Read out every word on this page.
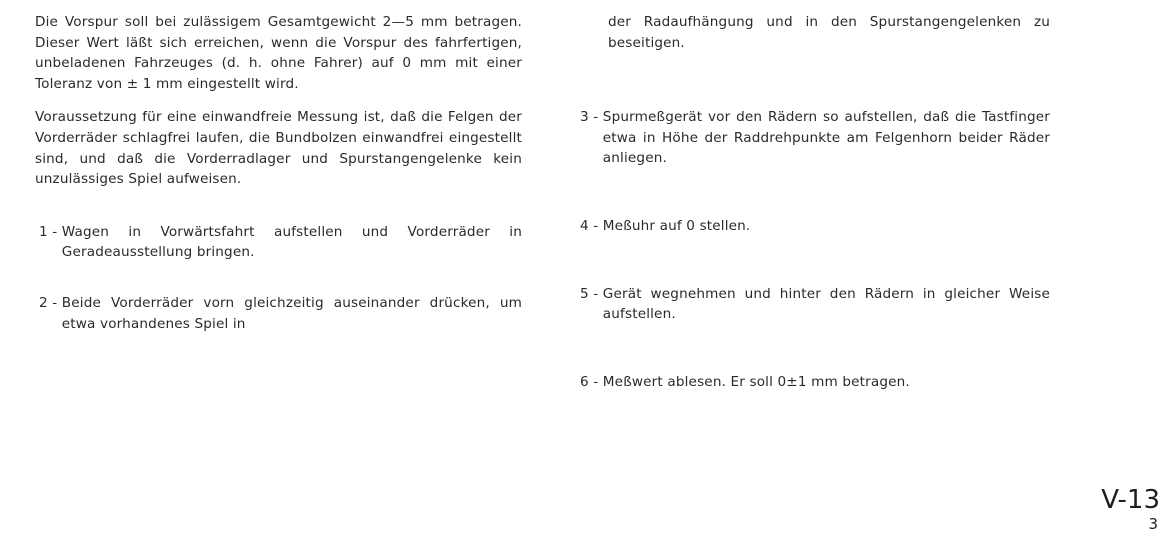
Die Vorspur soll bei zulässigem Gesamtgewicht 2—5 mm betragen. Dieser Wert läßt sich erreichen, wenn die Vorspur des fahrfertigen, unbeladenen Fahrzeuges (d. h. ohne Fahrer) auf 0 mm mit einer Toleranz von ± 1 mm eingestellt wird.

Voraussetzung für eine einwandfreie Messung ist, daß die Felgen der Vorderräder schlagfrei laufen, die Bundbolzen einwandfrei eingestellt sind, und daß die Vorderradlager und Spurstangengelenke kein unzulässiges Spiel aufweisen.

1 - Wagen in Vorwärtsfahrt aufstellen und Vorderräder in Geradeausstellung bringen.
2 - Beide Vorderräder vorn gleichzeitig auseinander drücken, um etwa vorhandenes Spiel in

der Radaufhängung und in den Spurstangengelenken zu beseitigen.

3 - Spurmeßgerät vor den Rädern so aufstellen, daß die Tastfinger etwa in Höhe der Raddrehpunkte am Felgenhorn beider Räder anliegen.
4 - Meßuhr auf 0 stellen.
5 - Gerät wegnehmen und hinter den Rädern in gleicher Weise aufstellen.
6 - Meßwert ablesen. Er soll 0±1 mm betragen.
V-13
3
